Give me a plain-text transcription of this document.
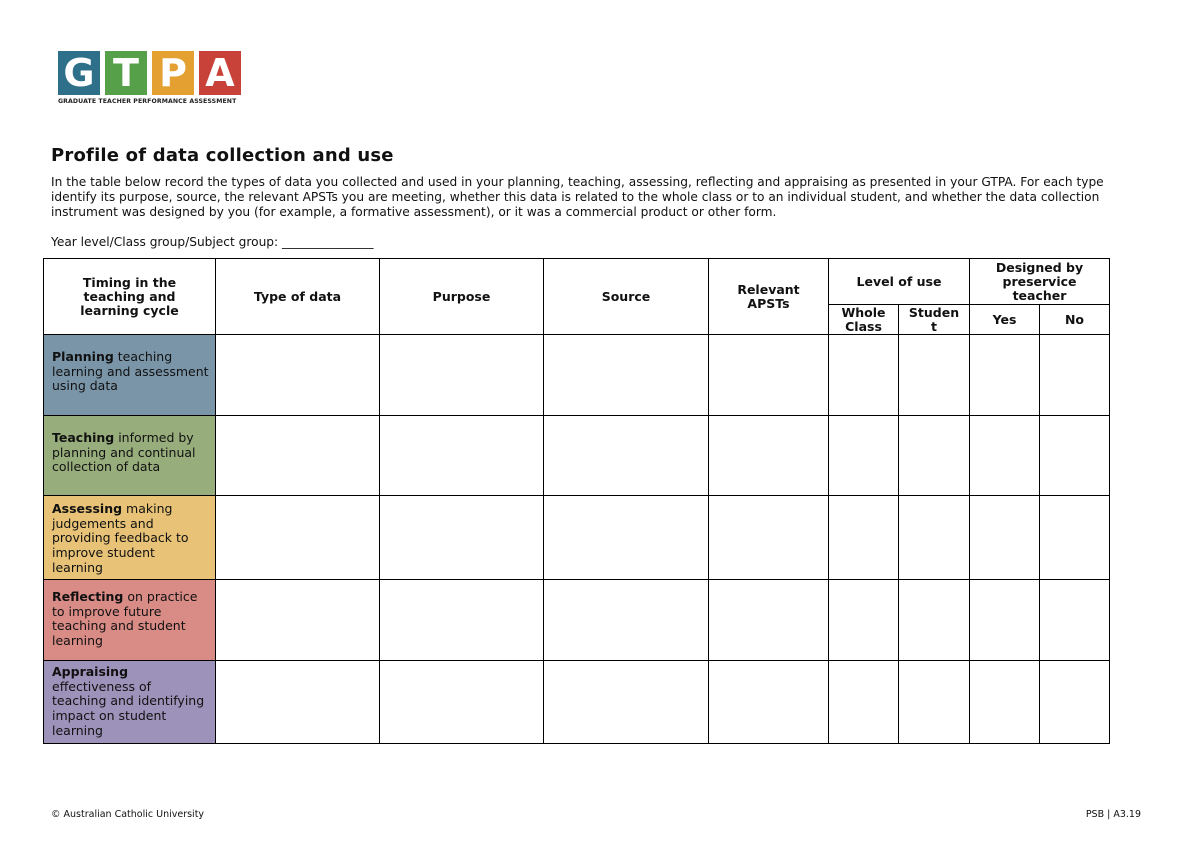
G T P A
GRADUATE TEACHER PERFORMANCE ASSESSMENT
Profile of data collection and use

In the table below record the types of data you collected and used in your planning, teaching, assessing, reflecting and appraising as presented in your GTPA. For each type identify its purpose, source, the relevant APSTs you are meeting, whether this data is related to the whole class or to an individual student, and whether the data collection instrument was designed by you (for example, a formative assessment), or it was a commercial product or other form.

Year level/Class group/Subject group: _______________
Timing in the teaching and learning cycle	Type of data	Purpose	Source	Relevant APSTs	Level of use		Designed by preservice teacher	
					Whole Class	Studen t	Yes	No
Planning teaching learning and assessment using data								
Teaching informed by planning and continual collection of data								
Assessing making judgements and providing feedback to improve student learning								
Reflecting on practice to improve future teaching and student learning								
Appraising effectiveness of teaching and identifying impact on student learning								
© Australian Catholic University	PSB | A3.19
